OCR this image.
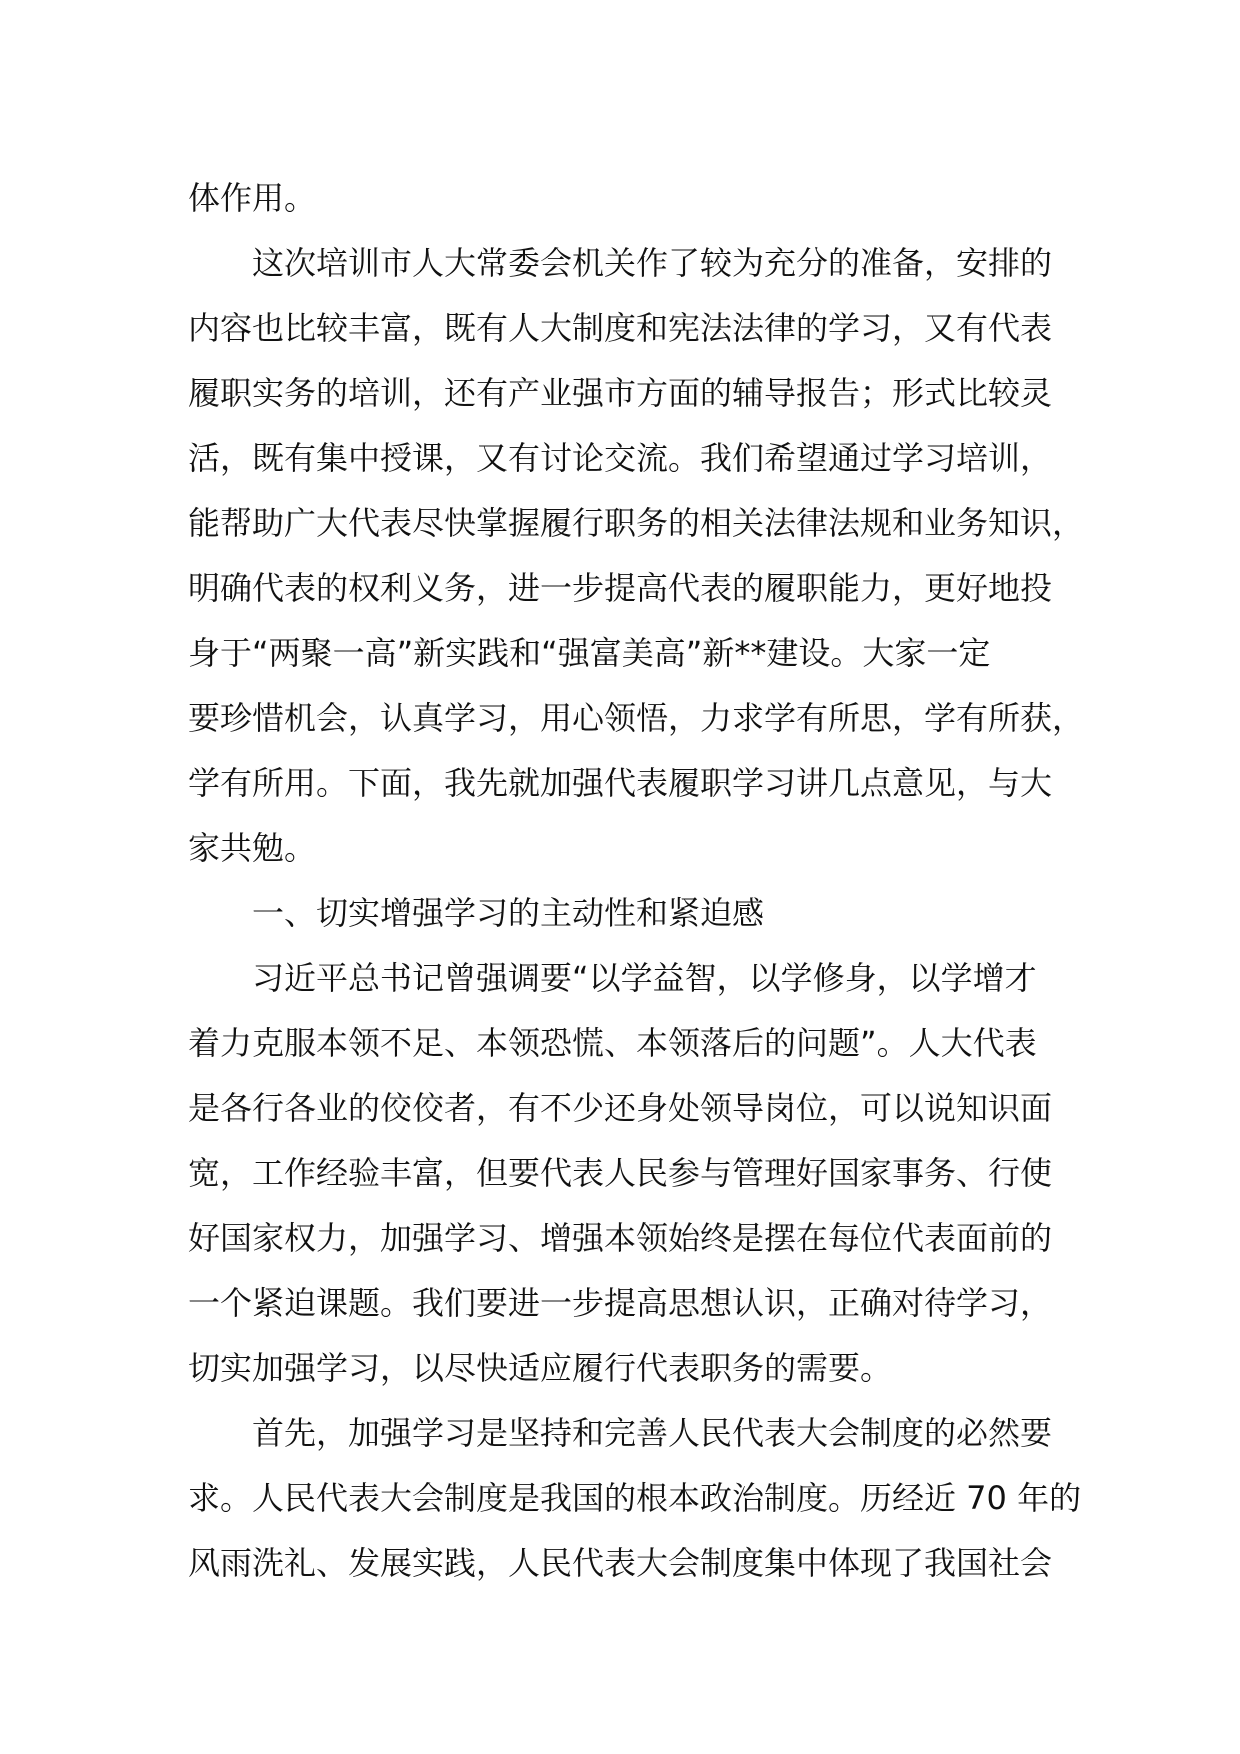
体作用。
　　这次培训市人大常委会机关作了较为充分的准备，安排的
内容也比较丰富，既有人大制度和宪法法律的学习，又有代表
履职实务的培训，还有产业强市方面的辅导报告；形式比较灵
活，既有集中授课，又有讨论交流。我们希望通过学习培训，
能帮助广大代表尽快掌握履行职务的相关法律法规和业务知识，
明确代表的权利义务，进一步提高代表的履职能力，更好地投
身于“两聚一高”新实践和“强富美高”新**建设。大家一定
要珍惜机会，认真学习，用心领悟，力求学有所思，学有所获，
学有所用。下面，我先就加强代表履职学习讲几点意见，与大
家共勉。
　　一、切实增强学习的主动性和紧迫感
　　习近平总书记曾强调要“以学益智，以学修身，以学增才
着力克服本领不足、本领恐慌、本领落后的问题”。人大代表
是各行各业的佼佼者，有不少还身处领导岗位，可以说知识面
宽，工作经验丰富，但要代表人民参与管理好国家事务、行使
好国家权力，加强学习、增强本领始终是摆在每位代表面前的
一个紧迫课题。我们要进一步提高思想认识，正确对待学习，
切实加强学习，以尽快适应履行代表职务的需要。
　　首先，加强学习是坚持和完善人民代表大会制度的必然要
求。人民代表大会制度是我国的根本政治制度。历经近 70 年的
风雨洗礼、发展实践，人民代表大会制度集中体现了我国社会
